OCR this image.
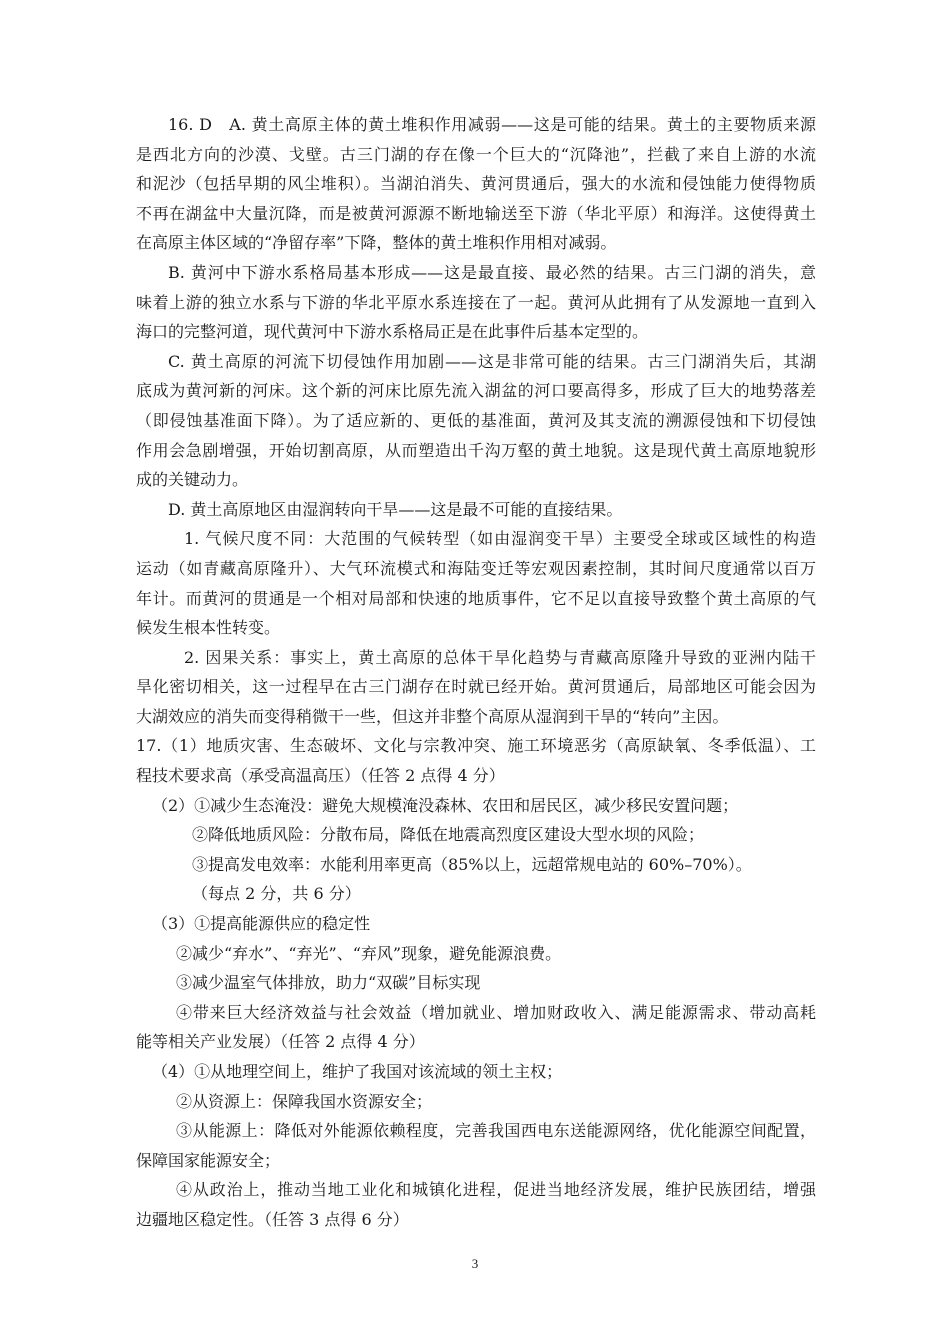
16. D　A. 黄土高原主体的黄土堆积作用减弱——这是可能的结果。黄土的主要物质来源
是西北方向的沙漠、戈壁。古三门湖的存在像一个巨大的“沉降池”，拦截了来自上游的水流
和泥沙（包括早期的风尘堆积）。当湖泊消失、黄河贯通后，强大的水流和侵蚀能力使得物质
不再在湖盆中大量沉降，而是被黄河源源不断地输送至下游（华北平原）和海洋。这使得黄土
在高原主体区域的“净留存率”下降，整体的黄土堆积作用相对减弱。
B. 黄河中下游水系格局基本形成——这是最直接、最必然的结果。古三门湖的消失，意
味着上游的独立水系与下游的华北平原水系连接在了一起。黄河从此拥有了从发源地一直到入
海口的完整河道，现代黄河中下游水系格局正是在此事件后基本定型的。
C. 黄土高原的河流下切侵蚀作用加剧——这是非常可能的结果。古三门湖消失后，其湖
底成为黄河新的河床。这个新的河床比原先流入湖盆的河口要高得多，形成了巨大的地势落差
（即侵蚀基准面下降）。为了适应新的、更低的基准面，黄河及其支流的溯源侵蚀和下切侵蚀
作用会急剧增强，开始切割高原，从而塑造出千沟万壑的黄土地貌。这是现代黄土高原地貌形
成的关键动力。
D. 黄土高原地区由湿润转向干旱——这是最不可能的直接结果。
1. 气候尺度不同：大范围的气候转型（如由湿润变干旱）主要受全球或区域性的构造
运动（如青藏高原隆升）、大气环流模式和海陆变迁等宏观因素控制，其时间尺度通常以百万
年计。而黄河的贯通是一个相对局部和快速的地质事件，它不足以直接导致整个黄土高原的气
候发生根本性转变。
2. 因果关系：事实上，黄土高原的总体干旱化趋势与青藏高原隆升导致的亚洲内陆干
旱化密切相关，这一过程早在古三门湖存在时就已经开始。黄河贯通后，局部地区可能会因为
大湖效应的消失而变得稍微干一些，但这并非整个高原从湿润到干旱的“转向”主因。
17.（1）地质灾害、生态破坏、文化与宗教冲突、施工环境恶劣（高原缺氧、冬季低温）、工
程技术要求高（承受高温高压）（任答 2 点得 4 分）
（2）①减少生态淹没：避免大规模淹没森林、农田和居民区，减少移民安置问题；
②降低地质风险：分散布局，降低在地震高烈度区建设大型水坝的风险；
③提高发电效率：水能利用率更高（85%以上，远超常规电站的 60%–70%）。
（每点 2 分，共 6 分）
（3）①提高能源供应的稳定性
②减少“弃水”、“弃光”、“弃风”现象，避免能源浪费。
③减少温室气体排放，助力“双碳”目标实现
④带来巨大经济效益与社会效益（增加就业、增加财政收入、满足能源需求、带动高耗
能等相关产业发展）（任答 2 点得 4 分）
（4）①从地理空间上，维护了我国对该流域的领土主权；
②从资源上：保障我国水资源安全；
③从能源上：降低对外能源依赖程度，完善我国西电东送能源网络，优化能源空间配置，
保障国家能源安全；
④从政治上，推动当地工业化和城镇化进程，促进当地经济发展，维护民族团结，增强
边疆地区稳定性。（任答 3 点得 6 分）
3
